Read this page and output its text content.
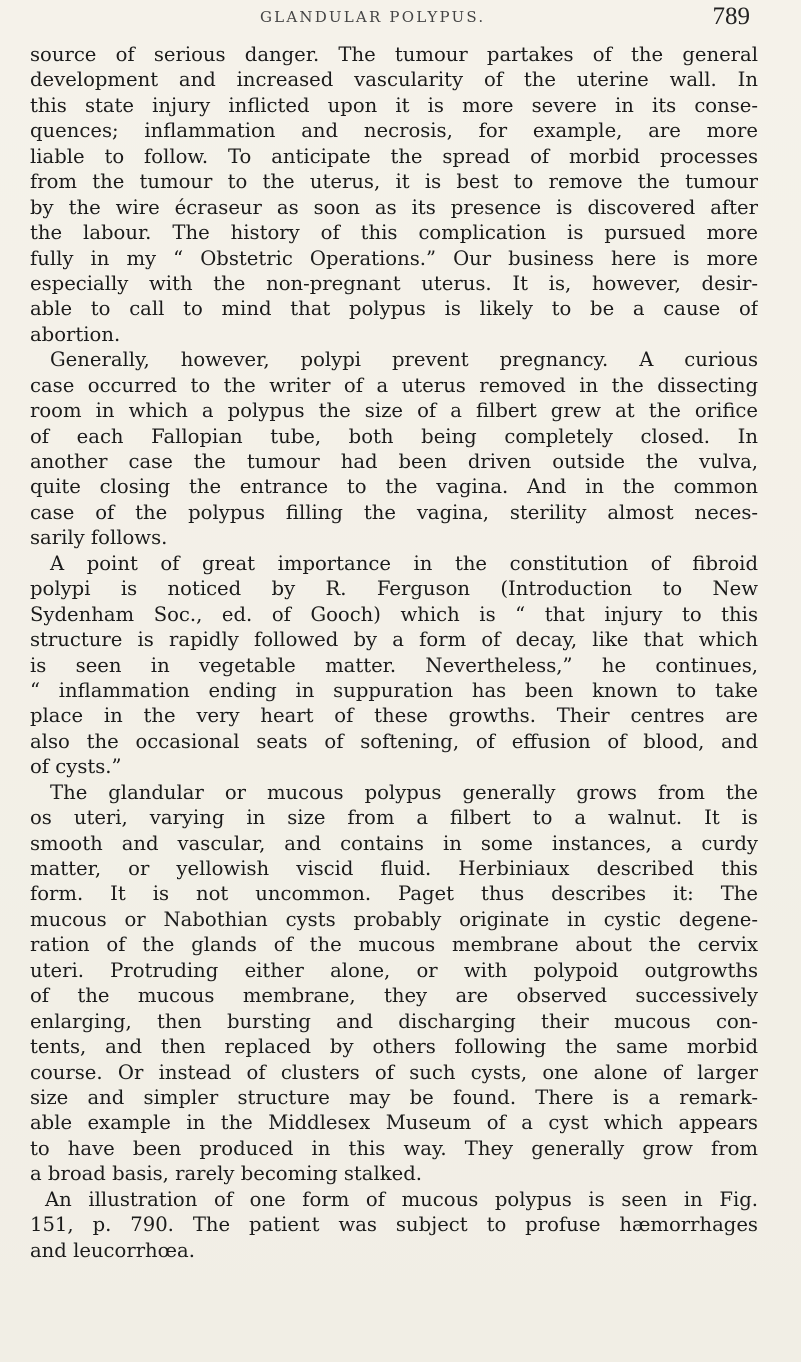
GLANDULAR POLYPUS.	789
source of serious danger. The tumour partakes of the general
development and increased vascularity of the uterine wall. In
this state injury inflicted upon it is more severe in its conse-
quences; inflammation and necrosis, for example, are more
liable to follow. To anticipate the spread of morbid processes
from the tumour to the uterus, it is best to remove the tumour
by the wire écraseur as soon as its presence is discovered after
the labour. The history of this complication is pursued more
fully in my “ Obstetric Operations.” Our business here is more
especially with the non-pregnant uterus. It is, however, desir-
able to call to mind that polypus is likely to be a cause of
abortion.
Generally, however, polypi prevent pregnancy. A curious
case occurred to the writer of a uterus removed in the dissecting
room in which a polypus the size of a filbert grew at the orifice
of each Fallopian tube, both being completely closed. In
another case the tumour had been driven outside the vulva,
quite closing the entrance to the vagina. And in the common
case of the polypus filling the vagina, sterility almost neces-
sarily follows.
A point of great importance in the constitution of fibroid
polypi is noticed by R. Ferguson (Introduction to New
Sydenham Soc., ed. of Gooch) which is “ that injury to this
structure is rapidly followed by a form of decay, like that which
is seen in vegetable matter. Nevertheless,” he continues,
“ inflammation ending in suppuration has been known to take
place in the very heart of these growths. Their centres are
also the occasional seats of softening, of effusion of blood, and
of cysts.”
The glandular or mucous polypus generally grows from the
os uteri, varying in size from a filbert to a walnut. It is
smooth and vascular, and contains in some instances, a curdy
matter, or yellowish viscid fluid. Herbiniaux described this
form. It is not uncommon. Paget thus describes it: The
mucous or Nabothian cysts probably originate in cystic degene-
ration of the glands of the mucous membrane about the cervix
uteri. Protruding either alone, or with polypoid outgrowths
of the mucous membrane, they are observed successively
enlarging, then bursting and discharging their mucous con-
tents, and then replaced by others following the same morbid
course. Or instead of clusters of such cysts, one alone of larger
size and simpler structure may be found. There is a remark-
able example in the Middlesex Museum of a cyst which appears
to have been produced in this way. They generally grow from
a broad basis, rarely becoming stalked.
An illustration of one form of mucous polypus is seen in Fig.
151, p. 790. The patient was subject to profuse hæmorrhages
and leucorrhœa.
